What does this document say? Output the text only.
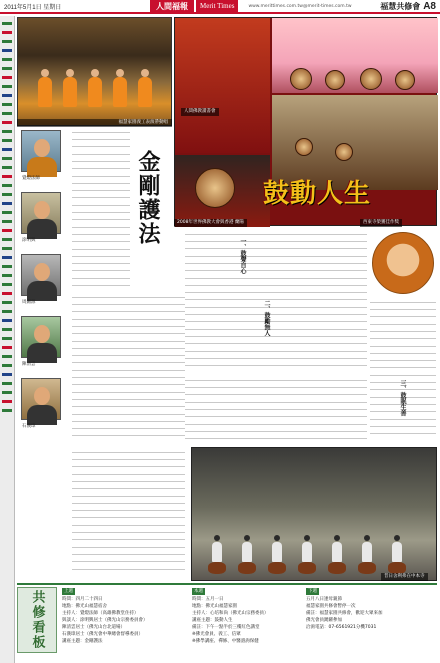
2011年5月1日 星期日	人間福報	Merit Times	www.merittimes.com.tw@merit-times.com.tw	福慧共修會 A8
福慧家園義工表演帶動唱
人間佛教讀書會
2008年世界佛教大會與香港 蘭陽	西東寺榮獲佳作獎
鼓動人生
覺燈法師
涂明興
周錦源
陳清雲
石漢璋
金剛護法
一、鼓聲自心
二、鼓勵無人
三、鼓眠生善
昔日舍利弗在中本寺
共修看板	上週

時間：四月二十四日

地點：佛光山福慧宿舍

主持人：覺燈法師（高雄佛教堂住持）

與談人：涂明興居士（佛光山宗務委員會）

陳清雲居士（佛光山台北道場）

石漢璋居士（佛光會中華總會督導委員）

講座主題：金剛護法

本週

時間：五月一日

地點：佛光山福慧家園

主持人：心培和尚（佛光山宗務委員）

講座主題：鼓動人生

備註：下午一點半於三樓紅色講堂

※佛光會員、義工、信眾

※佛學講座、禪修、中醫諮詢保健

下週

五月八日逢母親節

福慧家園共修會暫停一次

備註：福慧家園共修會，歡迎大眾來加

佛光會員踴躍參加

洽詢電話：07-6561921分機7031
